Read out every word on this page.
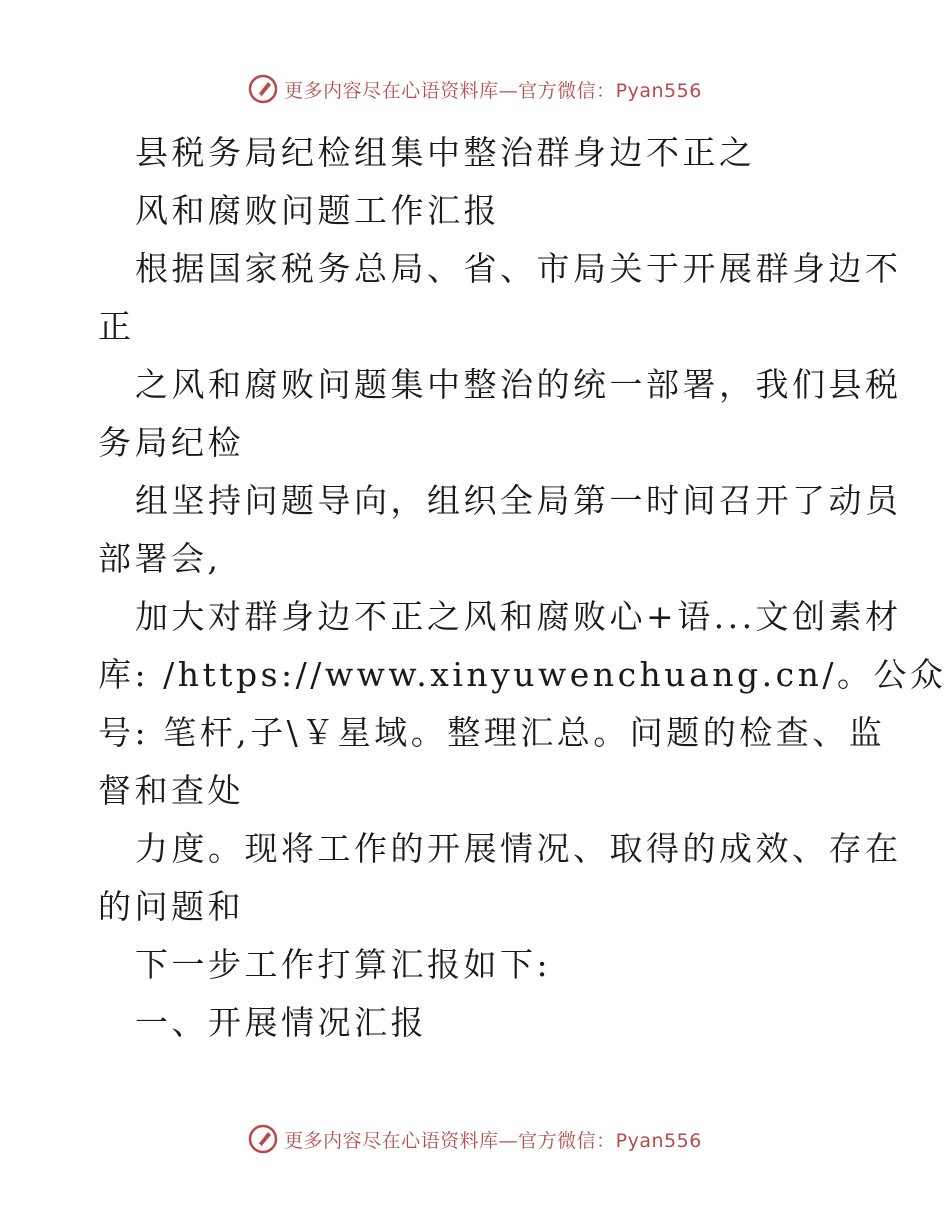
更多内容尽在心语资料库—官方微信：Pyan556
县税务局纪检组集中整治群身边不正之
风和腐败问题工作汇报
根据国家税务总局、省、市局关于开展群身边不
正
之风和腐败问题集中整治的统一部署，我们县税
务局纪检
组坚持问题导向，组织全局第一时间召开了动员
部署会,
加大对群身边不正之风和腐败心+语...文创素材
库: /https://www.xinyuwenchuang.cn/。公众
号: 笔杆,子\￥星域。整理汇总。问题的检查、监
督和查处
力度。现将工作的开展情况、取得的成效、存在
的问题和
下一步工作打算汇报如下:
一、开展情况汇报
更多内容尽在心语资料库—官方微信：Pyan556
